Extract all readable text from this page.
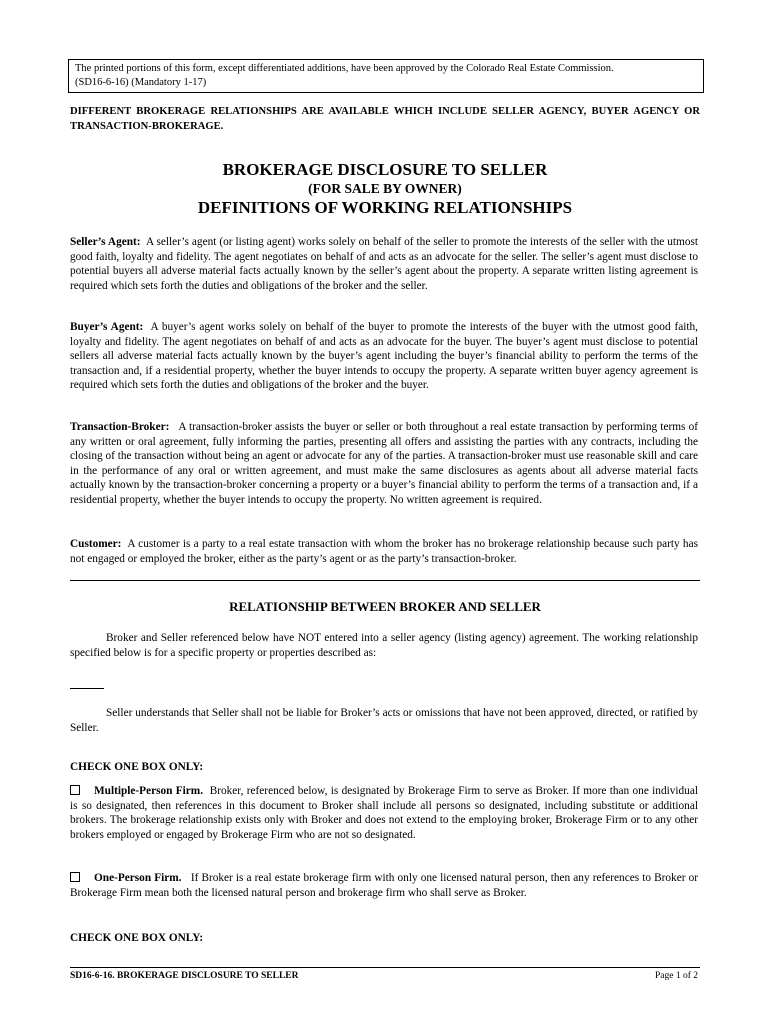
The printed portions of this form, except differentiated additions, have been approved by the Colorado Real Estate Commission.
(SD16-6-16) (Mandatory 1-17)
DIFFERENT BROKERAGE RELATIONSHIPS ARE AVAILABLE WHICH INCLUDE SELLER AGENCY, BUYER AGENCY OR TRANSACTION-BROKERAGE.
BROKERAGE DISCLOSURE TO SELLER
(FOR SALE BY OWNER)
DEFINITIONS OF WORKING RELATIONSHIPS
Seller’s Agent: A seller’s agent (or listing agent) works solely on behalf of the seller to promote the interests of the seller with the utmost good faith, loyalty and fidelity. The agent negotiates on behalf of and acts as an advocate for the seller. The seller’s agent must disclose to potential buyers all adverse material facts actually known by the seller’s agent about the property. A separate written listing agreement is required which sets forth the duties and obligations of the broker and the seller.
Buyer’s Agent: A buyer’s agent works solely on behalf of the buyer to promote the interests of the buyer with the utmost good faith, loyalty and fidelity. The agent negotiates on behalf of and acts as an advocate for the buyer. The buyer’s agent must disclose to potential sellers all adverse material facts actually known by the buyer’s agent including the buyer’s financial ability to perform the terms of the transaction and, if a residential property, whether the buyer intends to occupy the property. A separate written buyer agency agreement is required which sets forth the duties and obligations of the broker and the buyer.
Transaction-Broker: A transaction-broker assists the buyer or seller or both throughout a real estate transaction by performing terms of any written or oral agreement, fully informing the parties, presenting all offers and assisting the parties with any contracts, including the closing of the transaction without being an agent or advocate for any of the parties. A transaction-broker must use reasonable skill and care in the performance of any oral or written agreement, and must make the same disclosures as agents about all adverse material facts actually known by the transaction-broker concerning a property or a buyer’s financial ability to perform the terms of a transaction and, if a residential property, whether the buyer intends to occupy the property. No written agreement is required.
Customer: A customer is a party to a real estate transaction with whom the broker has no brokerage relationship because such party has not engaged or employed the broker, either as the party’s agent or as the party’s transaction-broker.
RELATIONSHIP BETWEEN BROKER AND SELLER
Broker and Seller referenced below have NOT entered into a seller agency (listing agency) agreement. The working relationship specified below is for a specific property or properties described as:
Seller understands that Seller shall not be liable for Broker’s acts or omissions that have not been approved, directed, or ratified by Seller.
CHECK ONE BOX ONLY:
Multiple-Person Firm. Broker, referenced below, is designated by Brokerage Firm to serve as Broker. If more than one individual is so designated, then references in this document to Broker shall include all persons so designated, including substitute or additional brokers. The brokerage relationship exists only with Broker and does not extend to the employing broker, Brokerage Firm or to any other brokers employed or engaged by Brokerage Firm who are not so designated.
One-Person Firm. If Broker is a real estate brokerage firm with only one licensed natural person, then any references to Broker or Brokerage Firm mean both the licensed natural person and brokerage firm who shall serve as Broker.
CHECK ONE BOX ONLY:
SD16-6-16. BROKERAGE DISCLOSURE TO SELLER	Page 1 of 2
